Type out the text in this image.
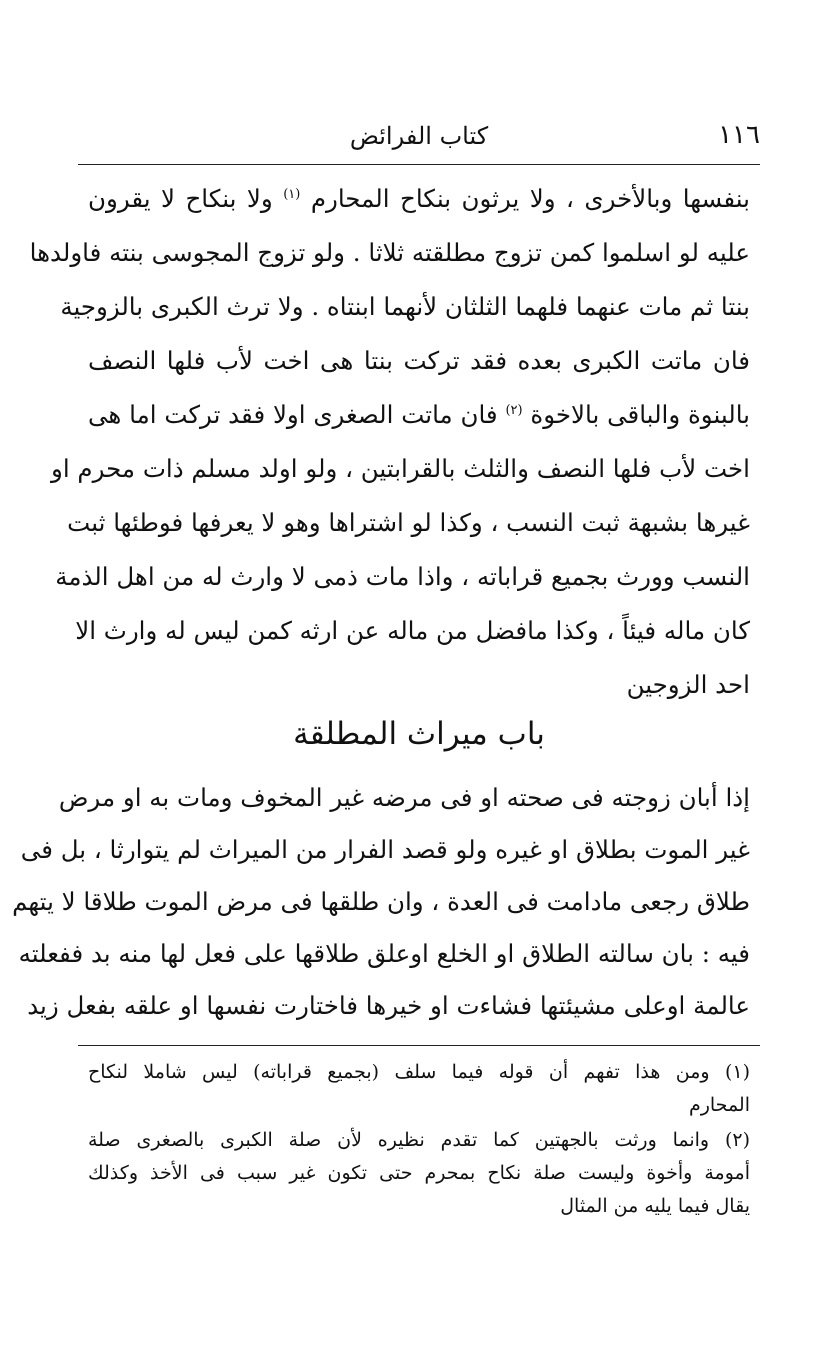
١١٦
كتاب الفرائض
بنفسها وبالأخرى ، ولا يرثون بنكاح المحارم $^{(١)}$ ولا بنكاح لا يقرون
عليه لو اسلموا كمن تزوج مطلقته ثلاثا . ولو تزوج المجوسى بنته فاولدها
بنتا ثم مات عنهما فلهما الثلثان لأنهما ابنتاه . ولا ترث الكبرى بالزوجية
فان ماتت الكبرى بعده فقد تركت بنتا هى اخت لأب فلها النصف
بالبنوة والباقى بالاخوة $^{(٢)}$ فان ماتت الصغرى اولا فقد تركت اما هى
اخت لأب فلها النصف والثلث بالقرابتين ، ولو اولد مسلم ذات محرم او
غيرها بشبهة ثبت النسب ، وكذا لو اشتراها وهو لا يعرفها فوطئها ثبت
النسب وورث بجميع قراباته ، واذا مات ذمى لا وارث له من اهل الذمة
كان ماله فيئاً ، وكذا مافضل من ماله عن ارثه كمن ليس له وارث الا
احد الزوجين
باب ميراث المطلقة
إذا أبان زوجته فى صحته او فى مرضه غير المخوف ومات به او مرض
غير الموت بطلاق او غيره ولو قصد الفرار من الميراث لم يتوارثا ، بل فى
طلاق رجعى مادامت فى العدة ، وان طلقها فى مرض الموت طلاقا لا يتهم
فيه : بان سالته الطلاق او الخلع اوعلق طلاقها على فعل لها منه بد ففعلته
عالمة اوعلى مشيئتها فشاءت او خيرها فاختارت نفسها او علقه بفعل زيد
(١) ومن هذا تفهم أن قوله فيما سلف (بجميع قراباته) ليس شاملا لنكاح
المحارم
(٢) وانما ورثت بالجهتين كما تقدم نظيره لأن صلة الكبرى بالصغرى صلة
أمومة وأخوة وليست صلة نكاح بمحرم حتى تكون غير سبب فى الأخذ وكذلك
يقال فيما يليه من المثال
